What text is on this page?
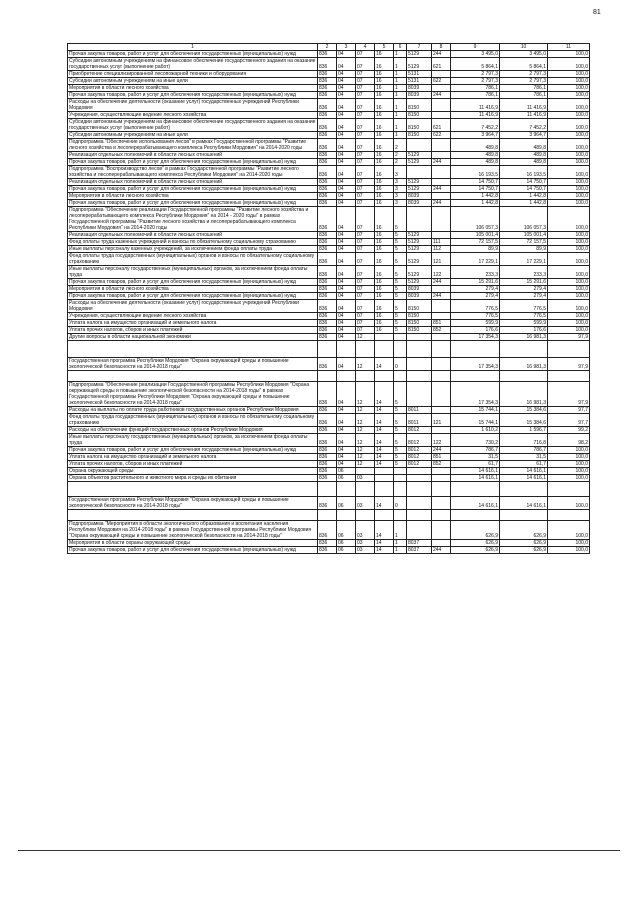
81
1	2	3	4	5	6	7	8	9	10	11
Прочая закупка товаров, работ и услуг для обеспечения государственных (муниципальных) нужд	836	04	07	16	1	5129	244	3 495,0	3 495,0	100,0
Субсидии автономным учреждениям на финансовое обеспечение государственного задания на оказание государственных услуг (выполнение работ)	836	04	07	16	1	5129	621	5 864,1	5 864,1	100,0
Приобретение специализированной лесопожарной техники и оборудования	836	04	07	16	1	5131		2 797,3	2 797,3	100,0
Субсидии автономным учреждениям на иные цели	836	04	07	16	1	5131	622	2 797,3	2 797,3	100,0
Мероприятия в области лесного хозяйства	836	04	07	16	1	8039		786,1	786,1	100,0
Прочая закупка товаров, работ и услуг для обеспечения государственных (муниципальных) нужд	836	04	07	16	1	8039	244	786,1	786,1	100,0
Расходы на обеспечение деятельности (оказание услуг) государственных учреждений Республики Мордовия	836	04	07	16	1	8150		11 416,9	11 416,9	100,0
Учреждения, осуществляющие ведение лесного хозяйства	836	04	07	16	1	8150		11 416,9	11 416,9	100,0
Субсидии автономным учреждениям на финансовое обеспечение государственного задания на оказание государственных услуг (выполнение работ)	836	04	07	16	1	8150	621	7 452,2	7 452,2	100,0
Субсидии автономным учреждениям на иные цели	836	04	07	16	1	8150	622	3 964,7	3 964,7	100,0
Подпрограмма "Обеспечение использования лесов" в рамках Государственной программы "Развитие лесного хозяйства и лесоперерабатывающего комплекса Республики Мордовия" на 2014-2020 годы	836	04	07	16	2			489,8	489,8	100,0
Реализация отдельных полномочий в области лесных отношений	836	04	07	16	2	5129		489,8	489,8	100,0
Прочая закупка товаров, работ и услуг для обеспечения государственных (муниципальных) нужд	836	04	07	16	2	5129	244	489,8	489,8	100,0
Подпрограмма "Воспроизводство лесов" в рамках Государственной программы "Развитие лесного хозяйства и лесоперерабатывающего комплекса Республики Мордовия" на 2014-2020 годы	836	04	07	16	3			16 193,5	16 193,5	100,0
Реализация отдельных полномочий в области лесных отношений	836	04	07	16	3	5129		14 750,7	14 750,7	100,0
Прочая закупка товаров, работ и услуг для обеспечения государственных (муниципальных) нужд	836	04	07	16	3	5129	244	14 750,7	14 750,7	100,0
Мероприятия в области лесного хозяйства	836	04	07	16	3	8039		1 442,8	1 442,8	100,0
Прочая закупка товаров, работ и услуг для обеспечения государственных (муниципальных) нужд	836	04	07	16	3	8039	244	1 442,8	1 442,8	100,0
Подпрограмма "Обеспечение реализации Государственной программы "Развитие лесного хозяйства и лесоперерабатывающего комплекса Республики Мордовия" на 2014 - 2020 годы" в рамках Государственной программы "Развитие лесного хозяйства и лесоперерабатывающего комплекса Республики Мордовия" на 2014-2020 годы	836	04	07	16	5			106 057,3	106 057,3	100,0
Реализация отдельных полномочий в области лесных отношений	836	04	07	16	5	5129		105 001,4	105 001,4	100,0
Фонд оплаты труда казенных учреждений и взносы по обязательному социальному страхованию	836	04	07	16	5	5129	111	72 157,5	72 157,5	100,0
Иные выплаты персоналу казенных учреждений, за исключением фонда оплаты труда	836	04	07	16	5	5129	112	89,9	89,9	100,0
Фонд оплаты труда государственных (муниципальных) органов и взносы по обязательному социальному страхованию	836	04	07	16	5	5129	121	17 229,1	17 229,1	100,0
Иные выплаты персоналу государственных (муниципальных) органов, за исключением фонда оплаты труда	836	04	07	16	5	5129	122	233,3	233,3	100,0
Прочая закупка товаров, работ и услуг для обеспечения государственных (муниципальных) нужд	836	04	07	16	5	5129	244	15 291,6	15 291,6	100,0
Мероприятия в области лесного хозяйства	836	04	07	16	5	8039		279,4	279,4	100,0
Прочая закупка товаров, работ и услуг для обеспечения государственных (муниципальных) нужд	836	04	07	16	5	8039	244	279,4	279,4	100,0
Расходы на обеспечение деятельности (оказание услуг) государственных учреждений Республики Мордовия	836	04	07	16	5	8150		776,5	776,5	100,0
Учреждения, осуществляющие ведение лесного хозяйства	836	04	07	16	5	8150		776,5	776,5	100,0
Уплата налога на имущество организаций и земельного налога	836	04	07	16	5	8150	851	599,9	599,9	100,0
Уплата прочих налогов, сборов и иных платежей	836	04	07	16	5	8150	852	176,6	176,6	100,0
Другие вопросы в области национальной экономики	836	04	12					17 354,3	16 981,3	97,9

Государственная программа Республики Мордовия "Охрана окружающей среды и повышение экологической безопасности на 2014-2018 годы"	836	04	12	14	0			17 354,3	16 981,3	97,9

Подпрограмма "Обеспечение реализации Государственной программы Республики Мордовия "Охрана окружающей среды и повышение экологической безопасности на 2014-2018 годы" в рамках Государственной программы Республики Мордовия "Охрана окружающей среды и повышение экологической безопасности на 2014-2018 годы"	836	04	12	14	5			17 354,3	16 981,3	97,9
Расходы на выплаты по оплате труда работников государственных органов Республики Мордовия	836	04	12	14	5	8011		15 744,1	15 384,6	97,7
Фонд оплаты труда государственных (муниципальных) органов и взносы по обязательному социальному страхованию	836	04	12	14	5	8011	121	15 744,1	15 384,6	97,7
Расходы на обеспечение функций государственных органов Республики Мордовия	836	04	12	14	5	8012		1 610,2	1 596,7	99,2
Иные выплаты персоналу государственных (муниципальных) органов, за исключением фонда оплаты труда	836	04	12	14	5	8012	122	730,2	716,8	98,2
Прочая закупка товаров, работ и услуг для обеспечения государственных (муниципальных) нужд	836	04	12	14	5	8012	244	786,7	786,7	100,0
Уплата налога на имущество организаций и земельного налога	836	04	12	14	5	8012	851	31,5	31,5	100,0
Уплата прочих налогов, сборов и иных платежей	836	04	12	14	5	8012	852	61,7	61,7	100,0
Охрана окружающей среды	836	06						14 616,1	14 616,1	100,0
Охрана объектов растительного и животного мира и среды их обитания	836	06	03					14 616,1	14 616,1	100,0

Государственная программа Республики Мордовия "Охрана окружающей среды и повышение экологической безопасности на 2014-2018 годы"	836	06	03	14	0			14 616,1	14 616,1	100,0

Подпрограмма "Мероприятия в области экологического образования и воспитания населения Республики Мордовия на 2014-2018 годы" в рамках Государственной программы Республики Мордовия "Охрана окружающей среды и повышение экологической безопасности на 2014-2018 годы"	836	06	03	14	1			626,9	626,9	100,0
Мероприятия в области охраны окружающей среды	836	06	03	14	1	8037		626,9	626,9	100,0
Прочая закупка товаров, работ и услуг для обеспечения государственных (муниципальных) нужд	836	06	03	14	1	8037	244	626,9	626,9	100,0
